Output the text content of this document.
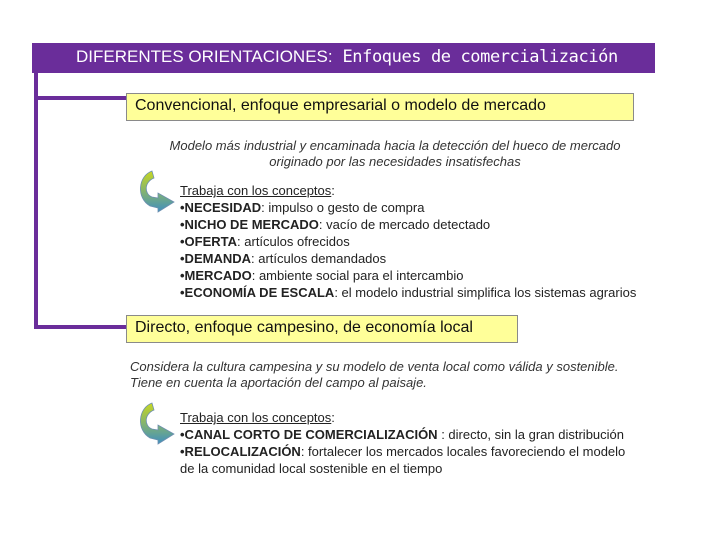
DIFERENTES ORIENTACIONES: Enfoques de comercialización
Convencional, enfoque empresarial o modelo de mercado
Modelo más industrial y encaminada hacia la detección del hueco de mercado
originado por las necesidades insatisfechas
Trabaja con los conceptos:
•NECESIDAD: impulso o gesto de compra
•NICHO DE MERCADO: vacío de mercado detectado
•OFERTA: artículos ofrecidos
•DEMANDA: artículos demandados
•MERCADO: ambiente social para el intercambio
•ECONOMÍA DE ESCALA: el modelo industrial simplifica los sistemas agrarios
Directo, enfoque campesino, de economía local
Considera la cultura campesina y su modelo de venta local como válida y sostenible.
Tiene en cuenta la aportación del campo al paisaje.
Trabaja con los conceptos:
•CANAL CORTO DE COMERCIALIZACIÓN : directo, sin la gran distribución
•RELOCALIZACIÓN: fortalecer los mercados locales favoreciendo el modelo
de la comunidad local sostenible en el tiempo
